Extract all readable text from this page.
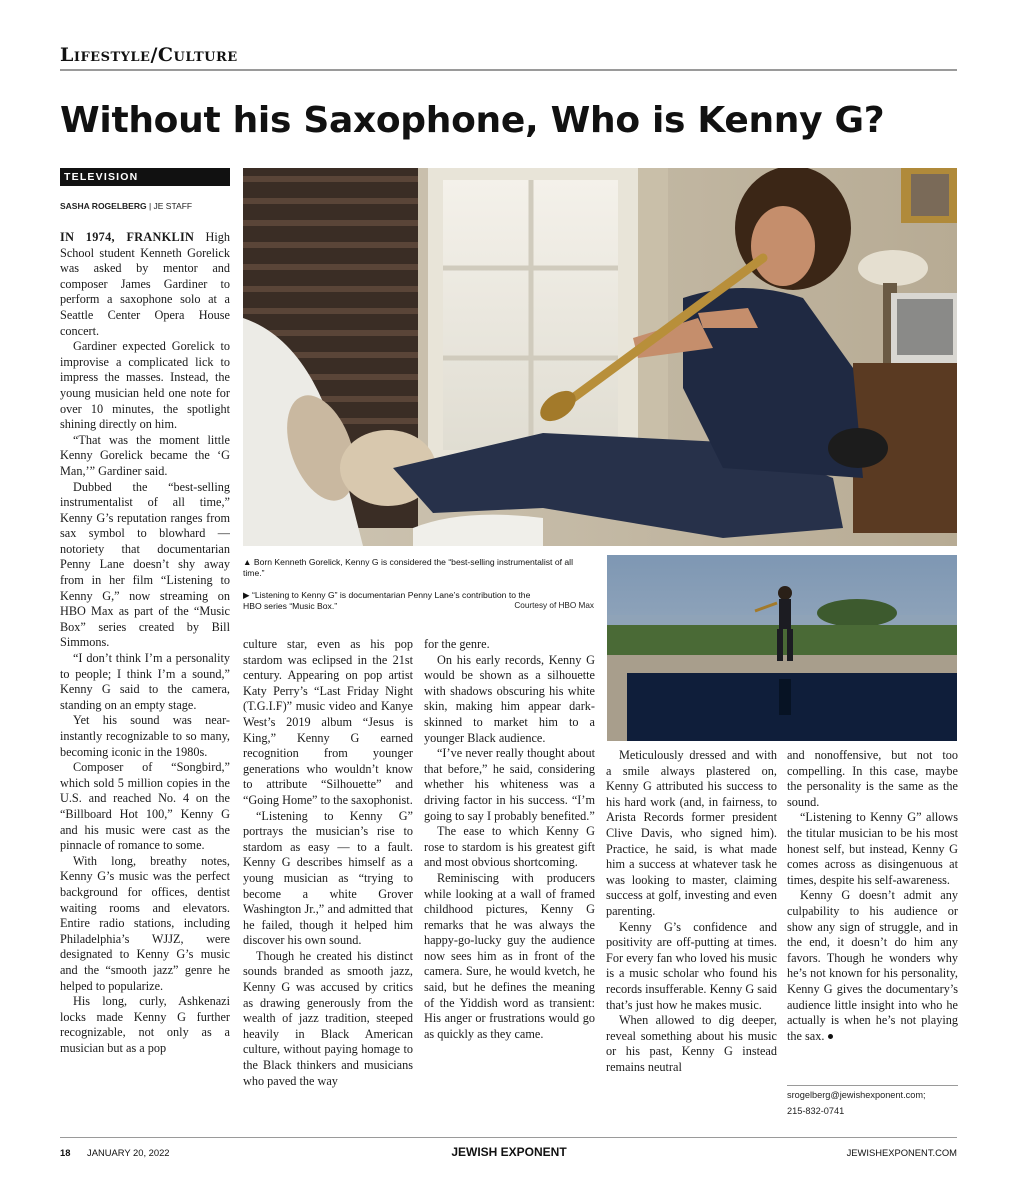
Lifestyle/Culture
Without his Saxophone, Who is Kenny G?
TELEVISION
SASHA ROGELBERG | JE STAFF

IN 1974, FRANKLIN High School student Kenneth Gorelick was asked by mentor and composer James Gardiner to perform a saxophone solo at a Seattle Center Opera House concert.

Gardiner expected Gorelick to improvise a complicated lick to impress the masses. Instead, the young musician held one note for over 10 minutes, the spotlight shining directly on him.

“That was the moment little Kenny Gorelick became the ‘G Man,’” Gardiner said.

Dubbed the “best-selling instrumentalist of all time,” Kenny G’s reputation ranges from sax symbol to blowhard — notoriety that documentarian Penny Lane doesn’t shy away from in her film “Listening to Kenny G,” now streaming on HBO Max as part of the “Music Box” series created by Bill Simmons.

“I don’t think I’m a personality to people; I think I’m a sound,” Kenny G said to the camera, standing on an empty stage.

Yet his sound was near-instantly recognizable to so many, becoming iconic in the 1980s.

Composer of “Songbird,” which sold 5 million copies in the U.S. and reached No. 4 on the “Billboard Hot 100,” Kenny G and his music were cast as the pinnacle of romance to some.

With long, breathy notes, Kenny G’s music was the perfect background for offices, dentist waiting rooms and elevators. Entire radio stations, including Philadelphia’s WJJZ, were designated to Kenny G’s music and the “smooth jazz” genre he helped to popularize.

His long, curly, Ashkenazi locks made Kenny G further recognizable, not only as a musician but as a pop

▲ Born Kenneth Gorelick, Kenny G is considered the “best-selling instrumentalist of all time.”
▶ “Listening to Kenny G” is documentarian Penny Lane’s contribution to the HBO series “Music Box.”	Courtesy of HBO Max

culture star, even as his pop stardom was eclipsed in the 21st century. Appearing on pop artist Katy Perry’s “Last Friday Night (T.G.I.F)” music video and Kanye West’s 2019 album “Jesus is King,” Kenny G earned recognition from younger generations who wouldn’t know to attribute “Silhouette” and “Going Home” to the saxophonist.

“Listening to Kenny G” portrays the musician’s rise to stardom as easy — to a fault. Kenny G describes himself as a young musician as “trying to become a white Grover Washington Jr.,” and admitted that he failed, though it helped him discover his own sound.

Though he created his distinct sounds branded as smooth jazz, Kenny G was accused by critics as drawing generously from the wealth of jazz tradition, steeped heavily in Black American culture, without paying homage to the Black thinkers and musicians who paved the way

for the genre.

On his early records, Kenny G would be shown as a silhouette with shadows obscuring his white skin, making him appear dark-skinned to market him to a younger Black audience.

“I’ve never really thought about that before,” he said, considering whether his whiteness was a driving factor in his success. “I’m going to say I probably benefited.”

The ease to which Kenny G rose to stardom is his greatest gift and most obvious shortcoming.

Reminiscing with producers while looking at a wall of framed childhood pictures, Kenny G remarks that he was always the happy-go-lucky guy the audience now sees him as in front of the camera. Sure, he would kvetch, he said, but he defines the meaning of the Yiddish word as transient: His anger or frustrations would go as quickly as they came.

Meticulously dressed and with a smile always plastered on, Kenny G attributed his success to his hard work (and, in fairness, to Arista Records former president Clive Davis, who signed him). Practice, he said, is what made him a success at whatever task he was looking to master, claiming success at golf, investing and even parenting.

Kenny G’s confidence and positivity are off-putting at times. For every fan who loved his music is a music scholar who found his records insufferable. Kenny G said that’s just how he makes music.

When allowed to dig deeper, reveal something about his music or his past, Kenny G instead remains neutral

and nonoffensive, but not too compelling. In this case, maybe the personality is the same as the sound.

“Listening to Kenny G” allows the titular musician to be his most honest self, but instead, Kenny G comes across as disingenuous at times, despite his self-awareness.

Kenny G doesn’t admit any culpability to his audience or show any sign of struggle, and in the end, it doesn’t do him any favors. Though he wonders why he’s not known for his personality, Kenny G gives the documentary’s audience little insight into who he actually is when he’s not playing the sax.

srogelberg@jewishexponent.com;
215-832-0741
18 JANUARY 20, 2022	JEWISH EXPONENT	JEWISHEXPONENT.COM
